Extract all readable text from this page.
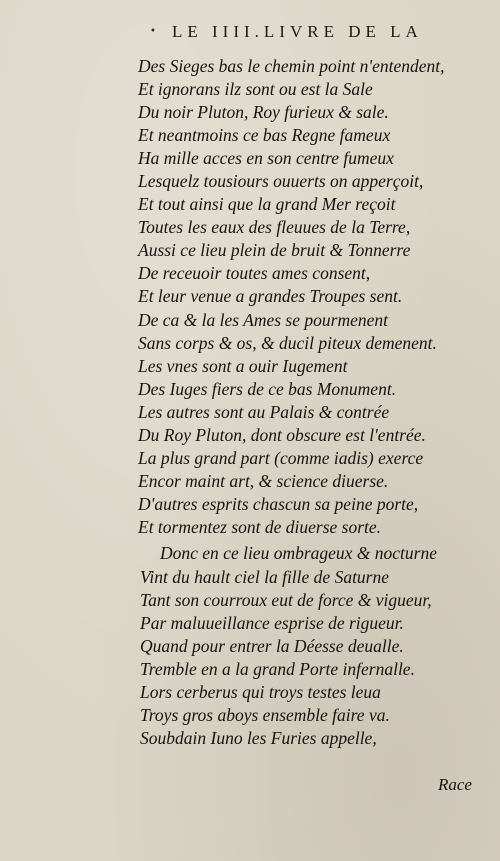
• LE IIII.LIVRE DE LA
Des Sieges bas le chemin point n'entendent,
Et ignorans ilz sont ou est la Sale
Du noir Pluton, Roy furieux & sale.
Et neantmoins ce bas Regne fameux
Ha mille acces en son centre fumeux
Lesquelz tousiours ouuerts on apperçoit,
Et tout ainsi que la grand Mer reçoit
Toutes les eaux des fleuues de la Terre,
Aussi ce lieu plein de bruit & Tonnerre
De receuoir toutes ames consent,
Et leur venue a grandes Troupes sent.
De ca & la les Ames se pourmenent
Sans corps & os, & ducil piteux demenent.
Les vnes sont a ouir Iugement
Des Iuges fiers de ce bas Monument.
Les autres sont au Palais & contrée
Du Roy Pluton, dont obscure est l'entrée.
La plus grand part (comme iadis) exerce
Encor maint art, & science diuerse.
D'autres esprits chascun sa peine porte,
Et tormentez sont de diuerse sorte.
Donc en ce lieu ombrageux & nocturne
Vint du hault ciel la fille de Saturne
Tant son courroux eut de force & vigueur,
Par maluueillance esprise de rigueur.
Quand pour entrer la Déesse deualle.
Tremble en a la grand Porte infernalle.
Lors cerberus qui troys testes leua
Troys gros aboys ensemble faire va.
Soubdain Iuno les Furies appelle,
Race
